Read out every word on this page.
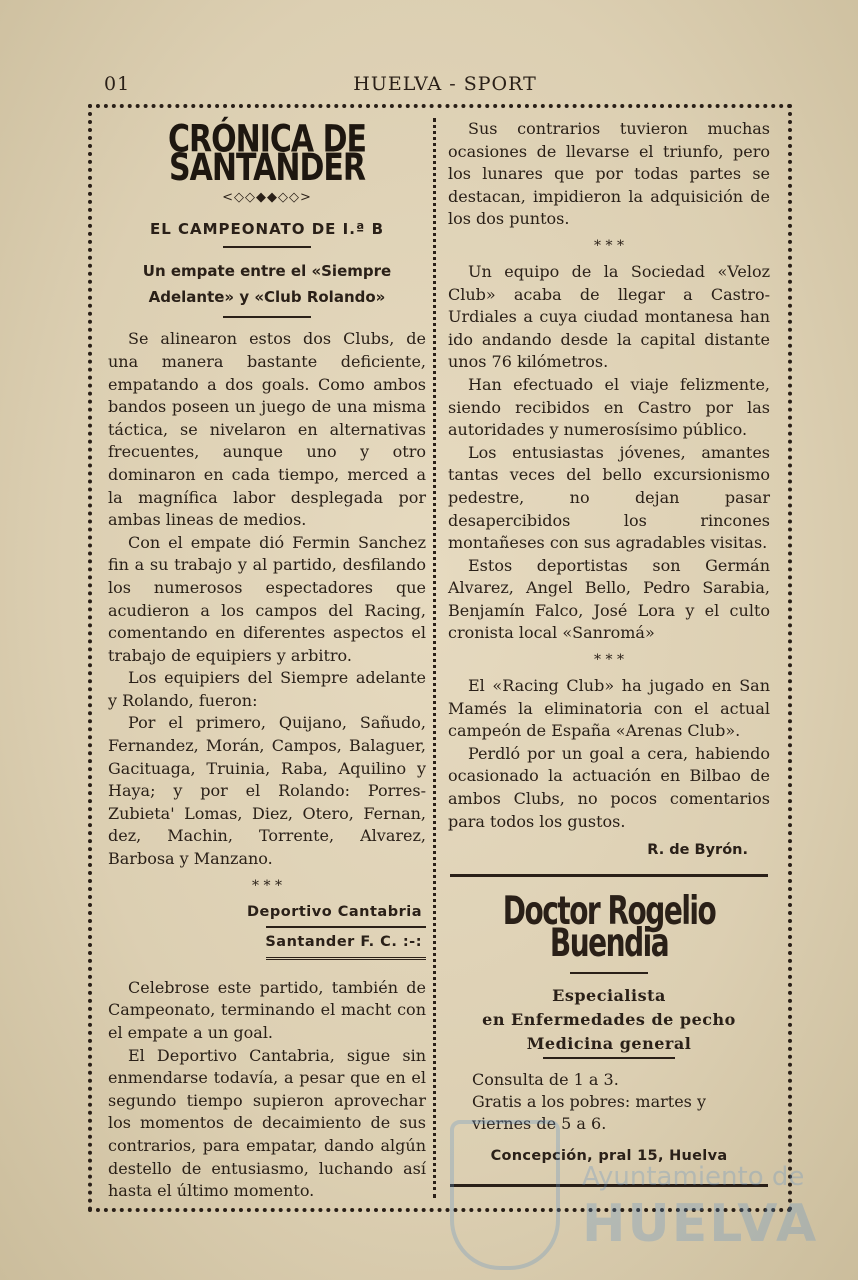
01	HUELVA - SPORT
CRÓNICA DE SANTANDER
<◇◇◆◆◇◇>
EL CAMPEONATO DE I.ª B
Un empate entre el «Siempre Adelante» y «Club Rolando»

Se alinearon estos dos Clubs, de una manera bastante deficiente, empatando a dos goals. Como ambos bandos poseen un juego de una misma táctica, se nivelaron en alternativas frecuentes, aunque uno y otro dominaron en cada tiempo, merced a la magnífica labor desplegada por ambas lineas de medios.

Con el empate dió Fermin Sanchez fin a su trabajo y al partido, desfilando los numerosos espectadores que acudieron a los campos del Racing, comentando en diferentes aspectos el trabajo de equipiers y arbitro.

Los equipiers del Siempre adelante y Rolando, fueron:

Por el primero, Quijano, Sañudo, Fernandez, Morán, Campos, Balaguer, Gacituaga, Truinia, Raba, Aquilino y Haya; y por el Rolando: Porres-Zubieta' Lomas, Diez, Otero, Fernan, dez, Machin, Torrente, Alvarez, Barbosa y Manzano.

* * *
Deportivo Cantabria
Santander F. C. :-:

Celebrose este partido, también de Campeonato, terminando el macht con el empate a un goal.

El Deportivo Cantabria, sigue sin enmendarse todavía, a pesar que en el segundo tiempo supieron aprovechar los momentos de decaimiento de sus contrarios, para empatar, dando algún destello de entusiasmo, luchando así hasta el último momento.

Sus contrarios tuvieron muchas ocasiones de llevarse el triunfo, pero los lunares que por todas partes se destacan, impidieron la adquisición de los dos puntos.

* * *

Un equipo de la Sociedad «Veloz Club» acaba de llegar a Castro-Urdiales a cuya ciudad montanesa han ido andando desde la capital distante unos 76 kilómetros.

Han efectuado el viaje felizmente, siendo recibidos en Castro por las autoridades y numerosísimo público.

Los entusiastas jóvenes, amantes tantas veces del bello excursionismo pedestre, no dejan pasar desapercibidos los rincones montañeses con sus agradables visitas.

Estos deportistas son Germán Alvarez, Angel Bello, Pedro Sarabia, Benjamín Falco, José Lora y el culto cronista local «Sanromá»

* * *

El «Racing Club» ha jugado en San Mamés la eliminatoria con el actual campeón de España «Arenas Club».

Perdló por un goal a cera, habiendo ocasionado la actuación en Bilbao de ambos Clubs, no pocos comentarios para todos los gustos.

R. de Byrón.
Doctor Rogelio Buendia
Especialista
en Enfermedades de pecho
Medicina general
Consulta de 1 a 3.
Gratis a los pobres: martes y viernes de 5 a 6.
Concepción, pral 15, Huelva
Ayuntamiento de
HUELVA
